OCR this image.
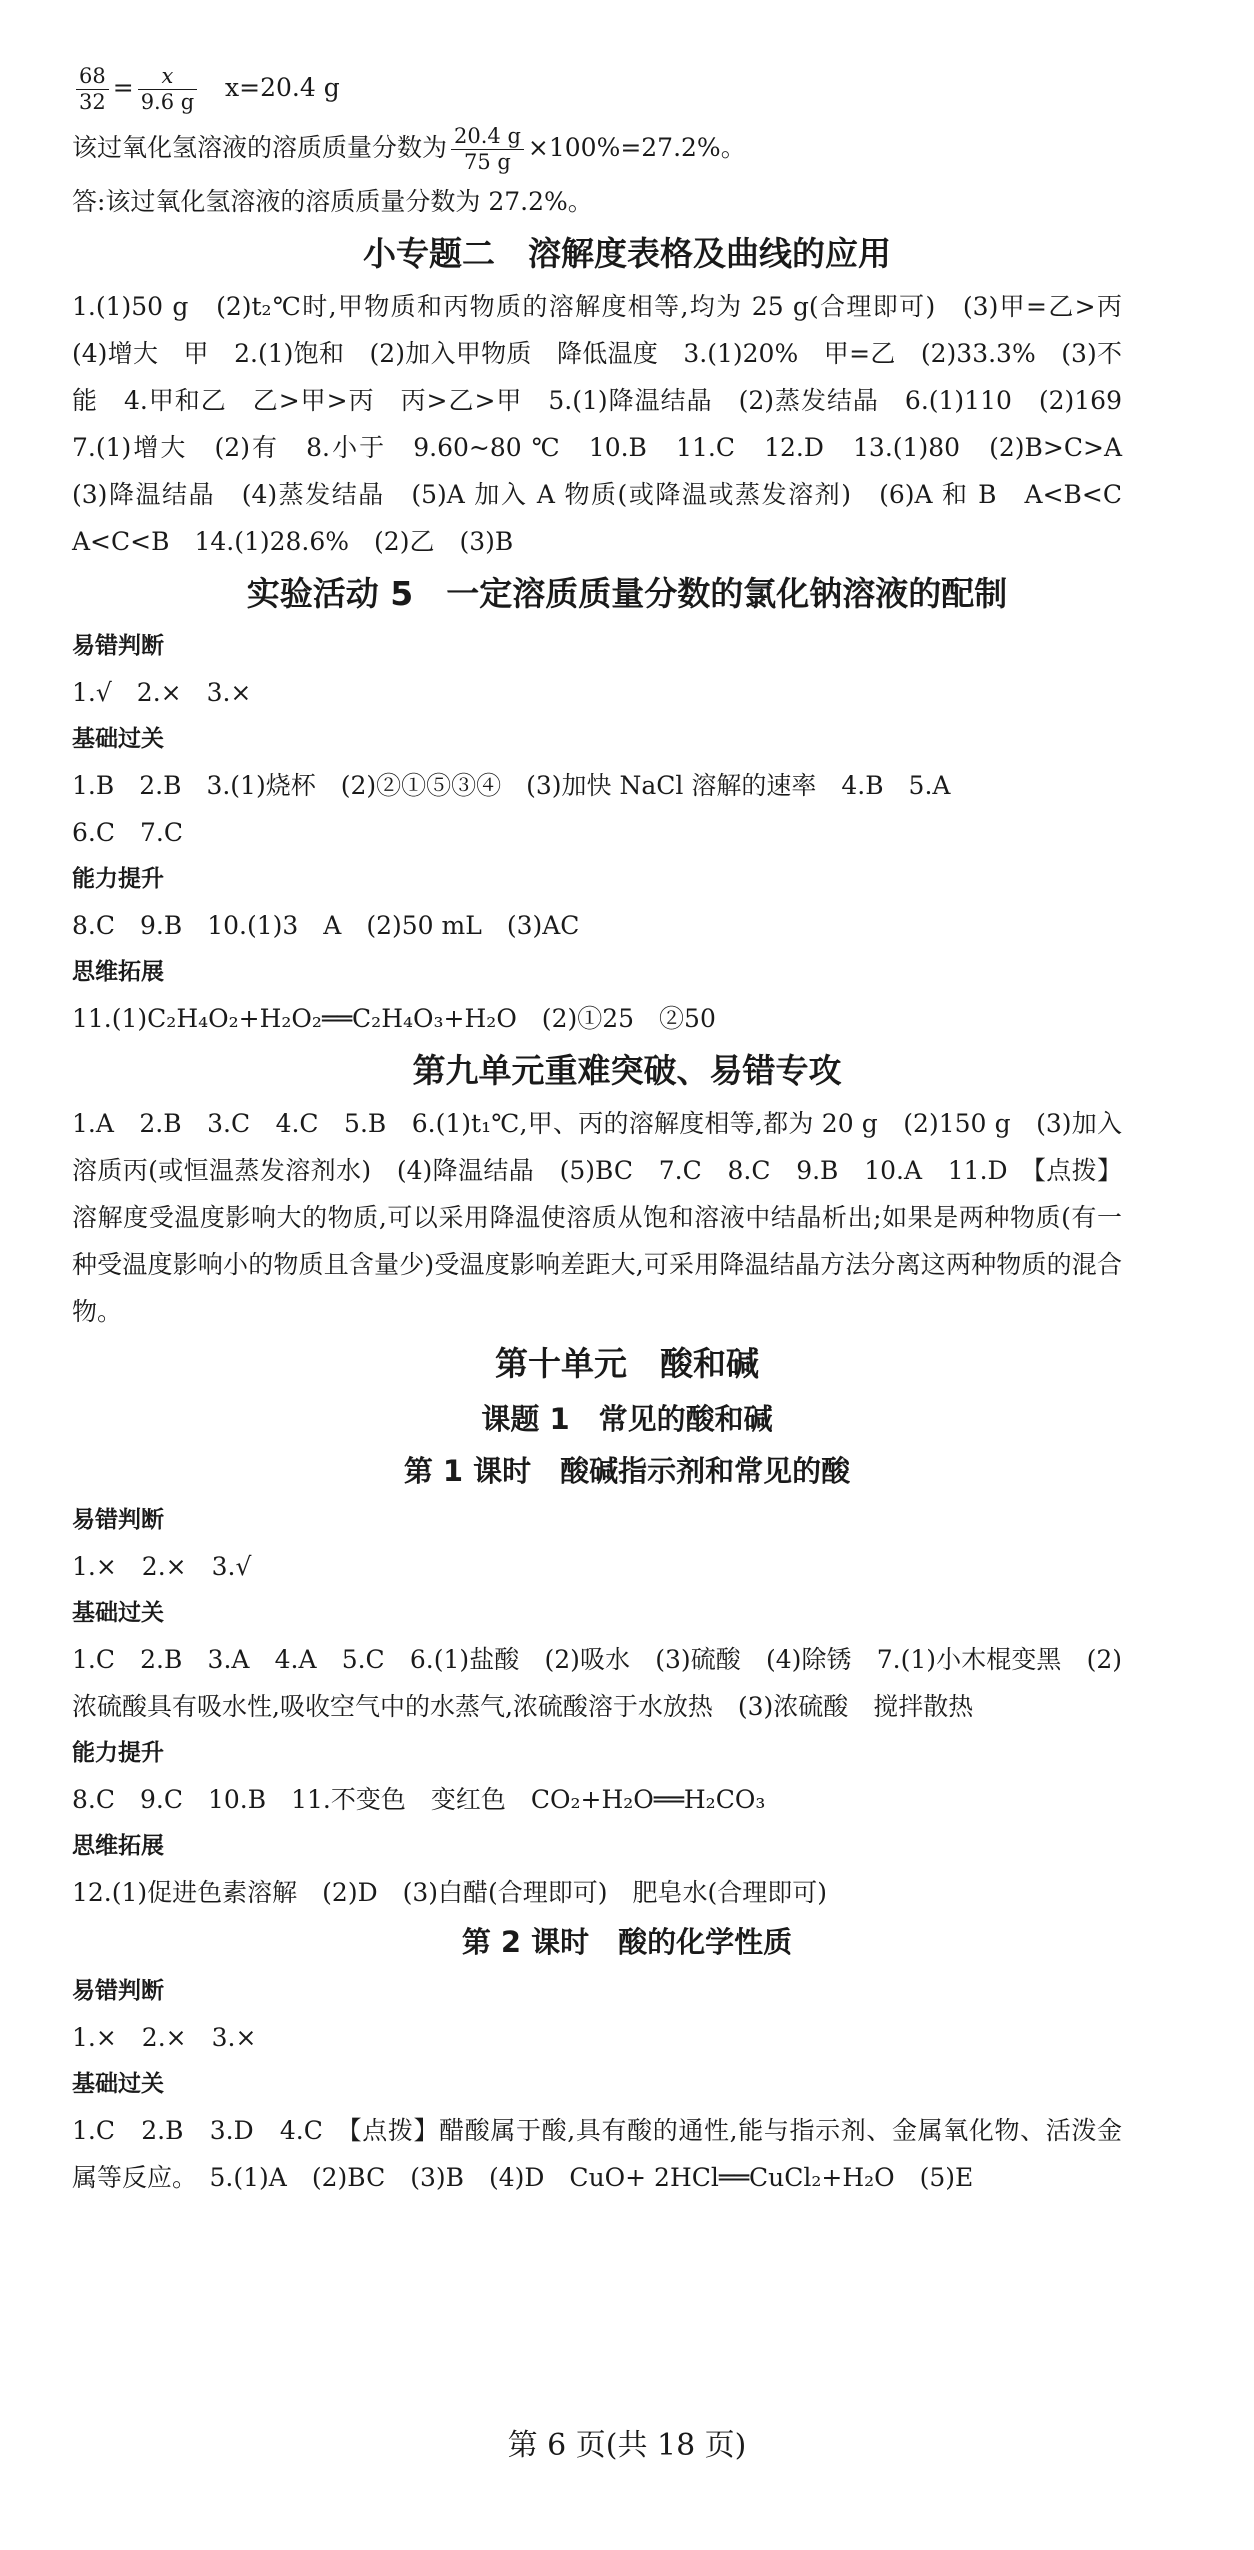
$\frac{68}{32} = \frac{x}{9.6 g} x=20.4$ g
该过氧化氢溶液的溶质质量分数为 $\frac{20.4 g}{75 g} \times 100\%=27.2\%$。
答:该过氧化氢溶液的溶质质量分数为 27.2%。
小专题二　溶解度表格及曲线的应用

1.(1)50 g　(2)t₂℃时,甲物质和丙物质的溶解度相等,均为 25 g(合理即可)　(3)甲=乙>丙　(4)增大　甲　2.(1)饱和　(2)加入甲物质　降低温度　3.(1)20%　甲=乙　(2)33.3%　(3)不能　4.甲和乙　乙>甲>丙　丙>乙>甲　5.(1)降温结晶　(2)蒸发结晶　6.(1)110　(2)169　7.(1)增大　(2)有　8.小于　9.60~80 ℃　10.B　11.C　12.D　13.(1)80　(2)B>C>A　(3)降温结晶　(4)蒸发结晶　(5)A 加入 A 物质(或降温或蒸发溶剂)　(6)A 和 B　A<B<C　A<C<B　14.(1)28.6%　(2)乙　(3)B

实验活动 5　一定溶质质量分数的氯化钠溶液的配制
易错判断
1.√　2.×　3.×
基础过关
1.B　2.B　3.(1)烧杯　(2)②①⑤③④　(3)加快 NaCl 溶解的速率　4.B　5.A
6.C　7.C
能力提升
8.C　9.B　10.(1)3　A　(2)50 mL　(3)AC
思维拓展
11.(1)C₂H₄O₂+H₂O₂══C₂H₄O₃+H₂O　(2)①25　②50
第九单元重难突破、易错专攻

1.A　2.B　3.C　4.C　5.B　6.(1)t₁℃,甲、丙的溶解度相等,都为 20 g　(2)150 g　(3)加入溶质丙(或恒温蒸发溶剂水)　(4)降温结晶　(5)BC　7.C　8.C　9.B　10.A　11.D　【点拨】溶解度受温度影响大的物质,可以采用降温使溶质从饱和溶液中结晶析出;如果是两种物质(有一种受温度影响小的物质且含量少)受温度影响差距大,可采用降温结晶方法分离这两种物质的混合物。

第十单元　酸和碱
课题 1　常见的酸和碱
第 1 课时　酸碱指示剂和常见的酸
易错判断
1.×　2.×　3.√
基础过关

1.C　2.B　3.A　4.A　5.C　6.(1)盐酸　(2)吸水　(3)硫酸　(4)除锈　7.(1)小木棍变黑　(2)浓硫酸具有吸水性,吸收空气中的水蒸气,浓硫酸溶于水放热　(3)浓硫酸　搅拌散热

能力提升
8.C　9.C　10.B　11.不变色　变红色　CO₂+H₂O══H₂CO₃
思维拓展
12.(1)促进色素溶解　(2)D　(3)白醋(合理即可)　肥皂水(合理即可)
第 2 课时　酸的化学性质
易错判断
1.×　2.×　3.×
基础过关

1.C　2.B　3.D　4.C　【点拨】醋酸属于酸,具有酸的通性,能与指示剂、金属氧化物、活泼金属等反应。　5.(1)A　(2)BC　(3)B　(4)D　CuO+ 2HCl══CuCl₂+H₂O　(5)E

第 6 页(共 18 页)
